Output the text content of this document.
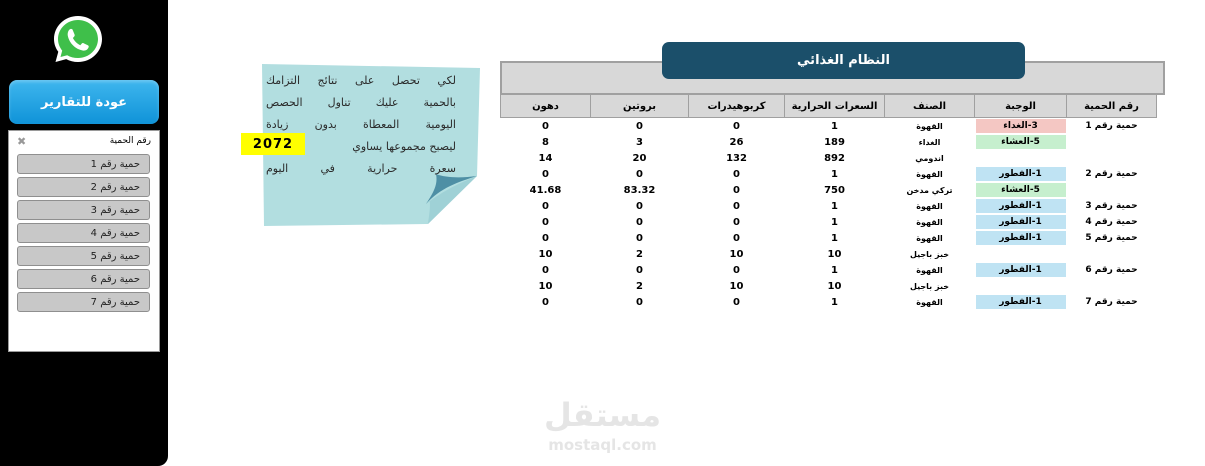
عودة للتقارير
✖	رقم الحمية
حمية رقم 1
حمية رقم 2
حمية رقم 3
حمية رقم 4
حمية رقم 5
حمية رقم 6
حمية رقم 7
لكي تحصل على نتائج التزامك
بالحمية عليك تناول الحصص
اليومية المعطاة بدون زيادة
ليصبح مجموعها يساوي
سعرة حرارية في اليوم
2072
النظام الغذائي
رقم الحمية	الوجبة	الصنف	السعرات الحرارية	كربوهيدرات	بروتين	دهون
حمية رقم 1	3-الغداء	القهوة	1	0	0	0

	5-العشاء	الغداء	189	26	3	8
		اندومي	892	132	20	14
حمية رقم 2	1-الفطور	القهوة	1	0	0	0

	5-العشاء	تركي مدخن	750	0	83.32	41.68
حمية رقم 3	1-الفطور	القهوة	1	0	0	0
حمية رقم 4	1-الفطور	القهوة	1	0	0	0
حمية رقم 5	1-الفطور	القهوة	1	0	0	0
		خبز باجيل	10	10	2	10
حمية رقم 6	1-الفطور	القهوة	1	0	0	0
		خبز باجيل	10	10	2	10
حمية رقم 7	1-الفطور	القهوة	1	0	0	0
مستقل
mostaql.com
